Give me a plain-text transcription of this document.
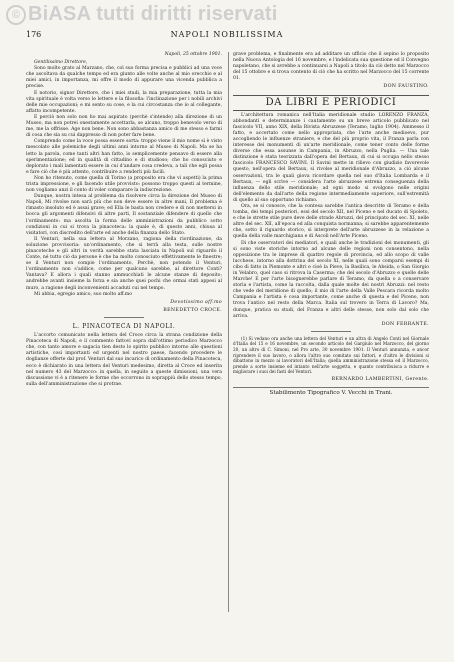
© BiASA tutti diritti riservati
176	NAPOLI NOBILISSIMA

Napoli, 25 ottobre 1901.

Gentilissimo Direttore,

Sono molto grato al Marzano, che, col suo forma precisa e pubblici ad una voce che ascoltava da qualche tempo ed era giunto alle volte anche al mio orecchio e al miei amici, in importanza, mi offre il modo di appurare una vicenda pubblica a precise.

E notorio, signor Direttore, che i miei studi, la mia preparazione, tutta la mia vita spirituale è volta verso le lettere e la filosofia: l'inclinazione per i nobili archivi delle mie occupazioni; e mi sento su cose, e la cui circostanza che io al collegante, affatto incompetente.

E perciò non solo non ho mai aspirato (perchè s'intende) alla direzione di un Museo, ma non potrei onestamente accettarla, se alcuno, troppo benevolo verso di me, me la offrisse. Age non bene. Non sono abbastanza amico di me stesso e farmi di cosa che sia su cui dappresso di non poter fare bene.

Comprendo come la voce possa essere sorta: troppo viene il mio nome sì è visto mescolato alle polemiche degli ultimi anni intorno al Museo di Napoli. Ma se ha letto la parola, come tanti altri han fatto, io semplicemente pensavo di essere alla sperimentazione; ed in qualità di cittadino e di studioso; che ho conosciuto e deplorato i mali lamentati essere in cui d'andare cosa credeva, a tali che egli possa e fare ciò che è più attento, contribuire a renderli più facili.

Non ho ritenuto, come quella di Torino (a proposito era che vi aspetti) la prima trista impressione, e gli facendo utile provvisto: possono troppo questi al termine, non vogliamo anzi il conto di voler comparare la indiscrezione.

Dunque, nostra intesa al problema da risolvere circa la direzione del Museo di Napoli, Mi rivolse non sarà più che non deve essere in altre mani, Il problema è rimasto insoluto ed è assai grave; ed Ella le basta non credere e di non mettersi in bocca gli argomenti difensivi di altre parti, Il sostanziale difendere di quello che l'ordinamento: ma ascolta la forma delle amministrazioni da pubblico sotto condizioni in cui si trova la pinacoteca: la quale è, di questo anni, chiusa al visitatori, con discredito dell'arte ed anche della finanza dello Stato.

Il Venturi, nella sua lettera al Morzano, ragiona della riordinazione, da soluzione provvisoria: un'ordinamento, che si terrà alla testa, sulle nostre pinacoteche e gli altri in verità sarebbe stata lasciata in Napoli sul riguardo il Conte, né tutto ciò da persone è che ha molto conosciuto effettivamente le finestre; se il Venturi non compie l'ordinamento, Perchè, non potendo il Venturi, l'ordinamento non s'addice, come per qualcuno sarebbe, al direttore Conti? Vantava? E allora i quali stanno ammucchiati le alcune stanze di deposito; andrebbe avanti insieme la forza e sia anche quei pochi che ormai stati appesi al muro, a ragione degli inconvenienti accaduti cui nel tempo.

Mi abbia, egregio amico, suo molto aff.mo

Devotissimo aff.mo

BENEDETTO CROCE.

L. PINACOTECA DI NAPOLI.

L'accorto comunicato nella lettera del Croce circa la strana condizione della Pinacoteca di Napoli, e il commento fattovi sopra dall'ottimo periodico Marzocco che, con tanto amore e sagacia tien desto lo spirito pubblico intorno alle questioni artistiche, così importanti ed urgenti nel nostro paese, facendo procedere le doglianze offerte dal prof. Venturi dal suo incarico di ordinamento della Pinacoteca, ecco è dichiarato in una lettera del Venturi medesimo, diretta al Croce ed inserita nel numero 43 del Marzocco: in quella, in seguito a queste dimissioni, una vera discussione vi è a ritenere le forme che occorrono in soprappiù dello stesso tempo, sulla dell'amministrazione che si protrae.

grave problema, e finalmente era ad additare un ufficio che il sepino lo proposito nella Nuova Antologia del 16 novembre, e l'indelicata sua questione ed il Convegno napoletano, che si avrebbe a continuarsi a Napoli a titolo da ciò detto nel Marzocco del 15 ottobre e si trova contento di ciò che ha scritto nel Marzocco del 15 corrente 01.

DON FAUSTINO.

DA LIBRI E PERIODICI

L'architettura romanica nell'Italia meridionale studio LORENZO FRANZA, abbondanti e determinanze i cautamente su un breve articolo pubblicato nel fascicolo VII, anno XIX, della Rivista Abruzzese (Teramo, luglio 1904). Ammesso il fatto, e accertato come nello appropriata, che l'arte anche medioevo, pur accogliendo le influenze straniere, e che del più proprio vita, il Franza parla con interesse dei monumenti di un'arte meridionale, come tener conto delle forme diverse che essa assunse in Campania, in Abruzzo, nella Puglia. — Una tale distinzione è stata teorizzata dall'opera del Bertaux, di cui si occupa nello stesso fascicolo FRANCESCO SAVINI. Il Savini mette in rilievo con giudizio favorevole questo, nell'opera del Bertaux, si rivolse al meridionale d'Abruzzo, a ciò alcune osservazioni, tra le quali giova ricordare quella nel suo d'Italia Lombarda e il Bertaux, — egli scrive — considera l'arte abruzzese estrena conseguenza della influenza dello stile meridionale; ad ogni modo si svolgono nelle origini dell'elemento da dall'arte della regione intermediamente superiore, sull'estremità di quello al suo opportuno richiamo.

Ora, se si conosce, che la contesa sarebbe l'antica descritte di Teramo e della tomba, dei tempi posteriori, essi del secolo XII, nel Piceno e nel ducato di Spoleto, e che le strette stile pure deve delle strade Abruzzi, del principato del sec. XI, nelle altre del sec. XII, all'epoca ed alla conquista normanna; si sarebbe apparentemente che, sotto il riguardo storico, si interprete dell'arte abruzzese in la relazione a quella della valle marchigiana e di Ascoli nell'Arte Piceno.

Di che osservatori dei mediatori, e quali anche le tradizioni dei monumenti, gli si sono viste storiche intorno ad alcune delle regioni non consentono, nella opposizione tra le imprese di quattro regole di provincia, ed allo scopo di valle lucchese, intorno alla dottrina del secolo XI, nelle quali sono comparsi esempi di cibo di fatto in Piemonte e altri e cioè la Pieve, la Basilica, le Absida, o San Giorgio in Velabro, quel caso si ritrova la Caserma; che del secolo d'Abruzzo e quelle delle Marche! E per l'arte bisognerebbe parlare di Teramo, da quella o a conservare storia e l'artista, come la raccolta, dalla quale molte dei nostri Abruzzi: nel resto che vede del meridione di quello; il mio di l'arte della Valle Pescara ricorda molto Campania e l'artista è cosa importante, come anche di questa e del Piceno, non trova l'antico nel resto della Marca. Italia sul trovero in Terra di Lavoro? Ma, dunque, pratica su studi, del Franza e altri delle stesse, non solo dal solo che arriva.

DON FERRANTE.

(1) Si vedano ora anche una lettera del Venturi e un altra di Angelo Conti nel Giornale d'Italia del 15 e 16 novembre, un secondo articolo del Gargiulo nel Marzocco, del giorno 20, un altro di C. Simoni, nel Pro arte, 30 novembre 1901. Il Venturi annunzia, e ancor riprendere il suo lavoro, o allora l'altro suo comitato sui fattori, e d'altro le divisioni si dibattono in mezzo ai lavoratori dell'Italia; quella amministrazione stessa ed il Marzocco, prende a sorte insieme ed intanto nell'arte soggetta, e quanto contribuisca a ridurre e migliorare i suoi dei fasti del Venturi.

BERNARDO LAMBERTINI, Gerente.

Stabilimento Tipografico V. Vecchi in Trani.
